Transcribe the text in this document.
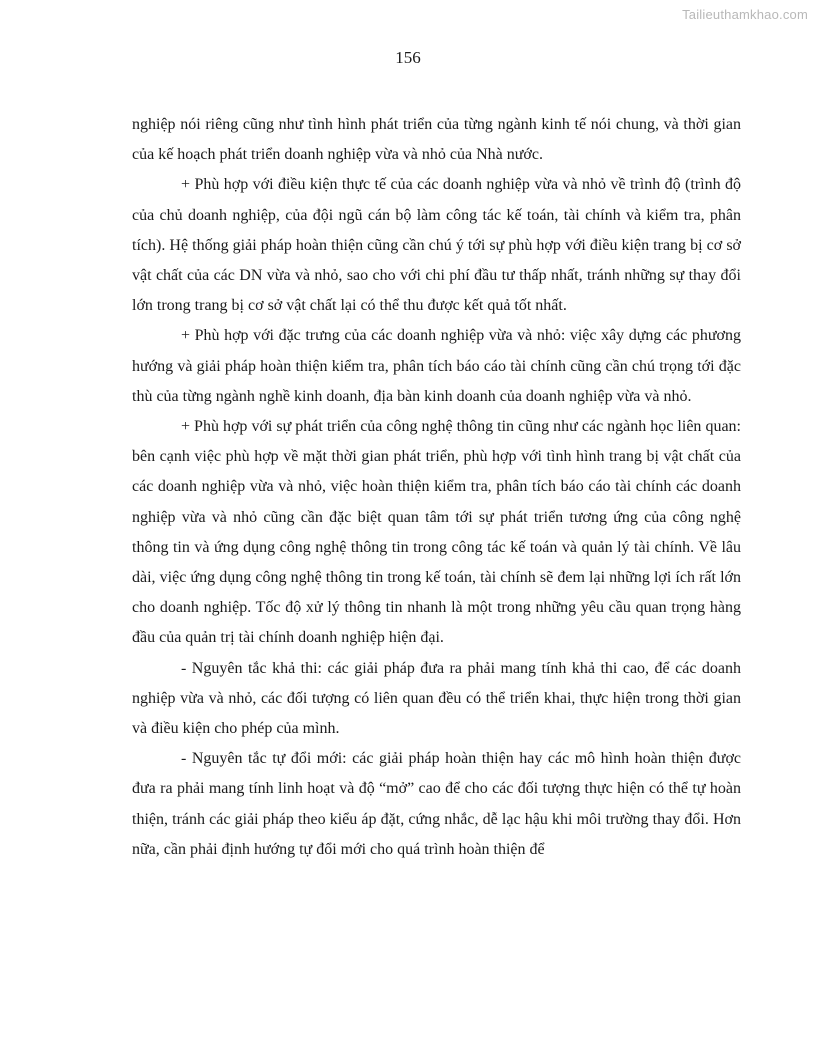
Tailieuthamkhao.com
156

nghiệp nói riêng cũng như tình hình phát triển của từng ngành kinh tế nói chung, và thời gian của kế hoạch phát triển doanh nghiệp vừa và nhỏ của Nhà nước.

+ Phù hợp với điều kiện thực tế của các doanh nghiệp vừa và nhỏ về trình độ (trình độ của chủ doanh nghiệp, của đội ngũ cán bộ làm công tác kế toán, tài chính và kiểm tra, phân tích). Hệ thống giải pháp hoàn thiện cũng cần chú ý tới sự phù hợp với điều kiện trang bị cơ sở vật chất của các DN vừa và nhỏ, sao cho với chi phí đầu tư thấp nhất, tránh những sự thay đổi lớn trong trang bị cơ sở vật chất lại có thể thu được kết quả tốt nhất.

+ Phù hợp với đặc trưng của các doanh nghiệp vừa và nhỏ: việc xây dựng các phương hướng và giải pháp hoàn thiện kiểm tra, phân tích báo cáo tài chính cũng cần chú trọng tới đặc thù của từng ngành nghề kinh doanh, địa bàn kinh doanh của doanh nghiệp vừa và nhỏ.

+ Phù hợp với sự phát triển của công nghệ thông tin cũng như các ngành học liên quan: bên cạnh việc phù hợp về mặt thời gian phát triển, phù hợp với tình hình trang bị vật chất của các doanh nghiệp vừa và nhỏ, việc hoàn thiện kiểm tra, phân tích báo cáo tài chính các doanh nghiệp vừa và nhỏ cũng cần đặc biệt quan tâm tới sự phát triển tương ứng của công nghệ thông tin và ứng dụng công nghệ thông tin trong công tác kế toán và quản lý tài chính. Về lâu dài, việc ứng dụng công nghệ thông tin trong kế toán, tài chính sẽ đem lại những lợi ích rất lớn cho doanh nghiệp. Tốc độ xử lý thông tin nhanh là một trong những yêu cầu quan trọng hàng đầu của quản trị tài chính doanh nghiệp hiện đại.

- Nguyên tắc khả thi: các giải pháp đưa ra phải mang tính khả thi cao, để các doanh nghiệp vừa và nhỏ, các đối tượng có liên quan đều có thể triển khai, thực hiện trong thời gian và điều kiện cho phép của mình.

- Nguyên tắc tự đổi mới: các giải pháp hoàn thiện hay các mô hình hoàn thiện được đưa ra phải mang tính linh hoạt và độ “mở” cao để cho các đối tượng thực hiện có thể tự hoàn thiện, tránh các giải pháp theo kiểu áp đặt, cứng nhắc, dễ lạc hậu khi môi trường thay đổi. Hơn nữa, cần phải định hướng tự đổi mới cho quá trình hoàn thiện để
